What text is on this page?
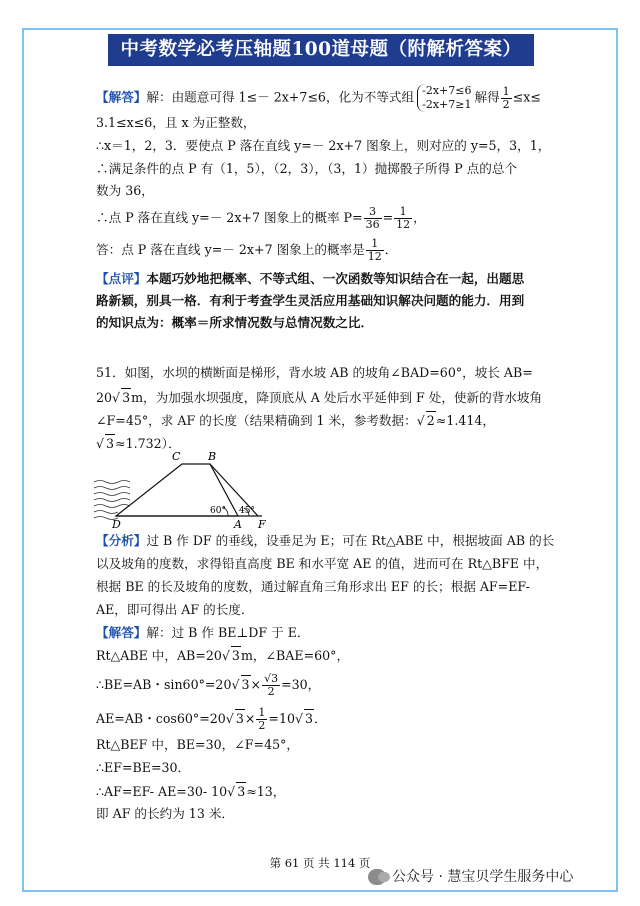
中考数学必考压轴题100道母题（附解析答案）
【解答】解：由题意可得 1≤－ 2x+7≤6，化为不等式组 -2x+7≤6
-2x+7≥1 解得 $\frac{1}{2} \le x\le$
3.1≤x≤6，且 x 为正整数，
∴x＝1，2，3．要使点 P 落在直线 y=－ 2x+7 图象上，则对应的 y=5，3，1，
∴满足条件的点 P 有（1，5），（2，3），（3，1）抛掷骰子所得 P 点的总个
数为 36，
∴点 P 落在直线 y=－ 2x+7 图象上的概率 $P= \frac{3}{36} = \frac{1}{12}$ ，
答：点 P 落在直线 y=－ 2x+7 图象上的概率是 $\frac{1}{12}$ ．
【点评】本题巧妙地把概率、不等式组、一次函数等知识结合在一起，出题思
路新颖，别具一格．有利于考查学生灵活应用基础知识解决问题的能力．用到
的知识点为：概率＝所求情况数与总情况数之比．
51．如图，水坝的横断面是梯形，背水坡 AB 的坡角∠BAD=60°，坡长 AB=
20√ 3m，为加强水坝强度，降顶底从 A 处后水平延伸到 F 处，使新的背水坡角
∠F=45°，求 AF 的长度（结果精确到 1 米，参考数据：√ 2≈1.414，
√ 3≈1.732）．
C	B
D	A F
60° 45°
【分析】过 B 作 DF 的垂线，设垂足为 E；可在 Rt△ABE 中，根据坡面 AB 的长
以及坡角的度数，求得铅直高度 BE 和水平宽 AE 的值，进而可在 Rt△BFE 中，
根据 BE 的长及坡角的度数，通过解直角三角形求出 EF 的长；根据 AF=EF-
AE，即可得出 AF 的长度．
【解答】解：过 B 作 BE⊥DF 于 E．
Rt△ABE 中，AB=20√ 3m，∠BAE=60°，
∴BE=AB・sin60°=20√ $3\times \frac{√3}{2} =30$，
AE=AB・cos60°=20√ $3\times \frac{1}{2} =10√$ 3．
Rt△BEF 中，BE=30，∠F=45°，
∴EF=BE=30．
∴AF=EF- AE=30- 10√ 3≈13，
即 AF 的长约为 13 米．
第 61 页 共 114 页
公众号 · 慧宝贝学生服务中心
